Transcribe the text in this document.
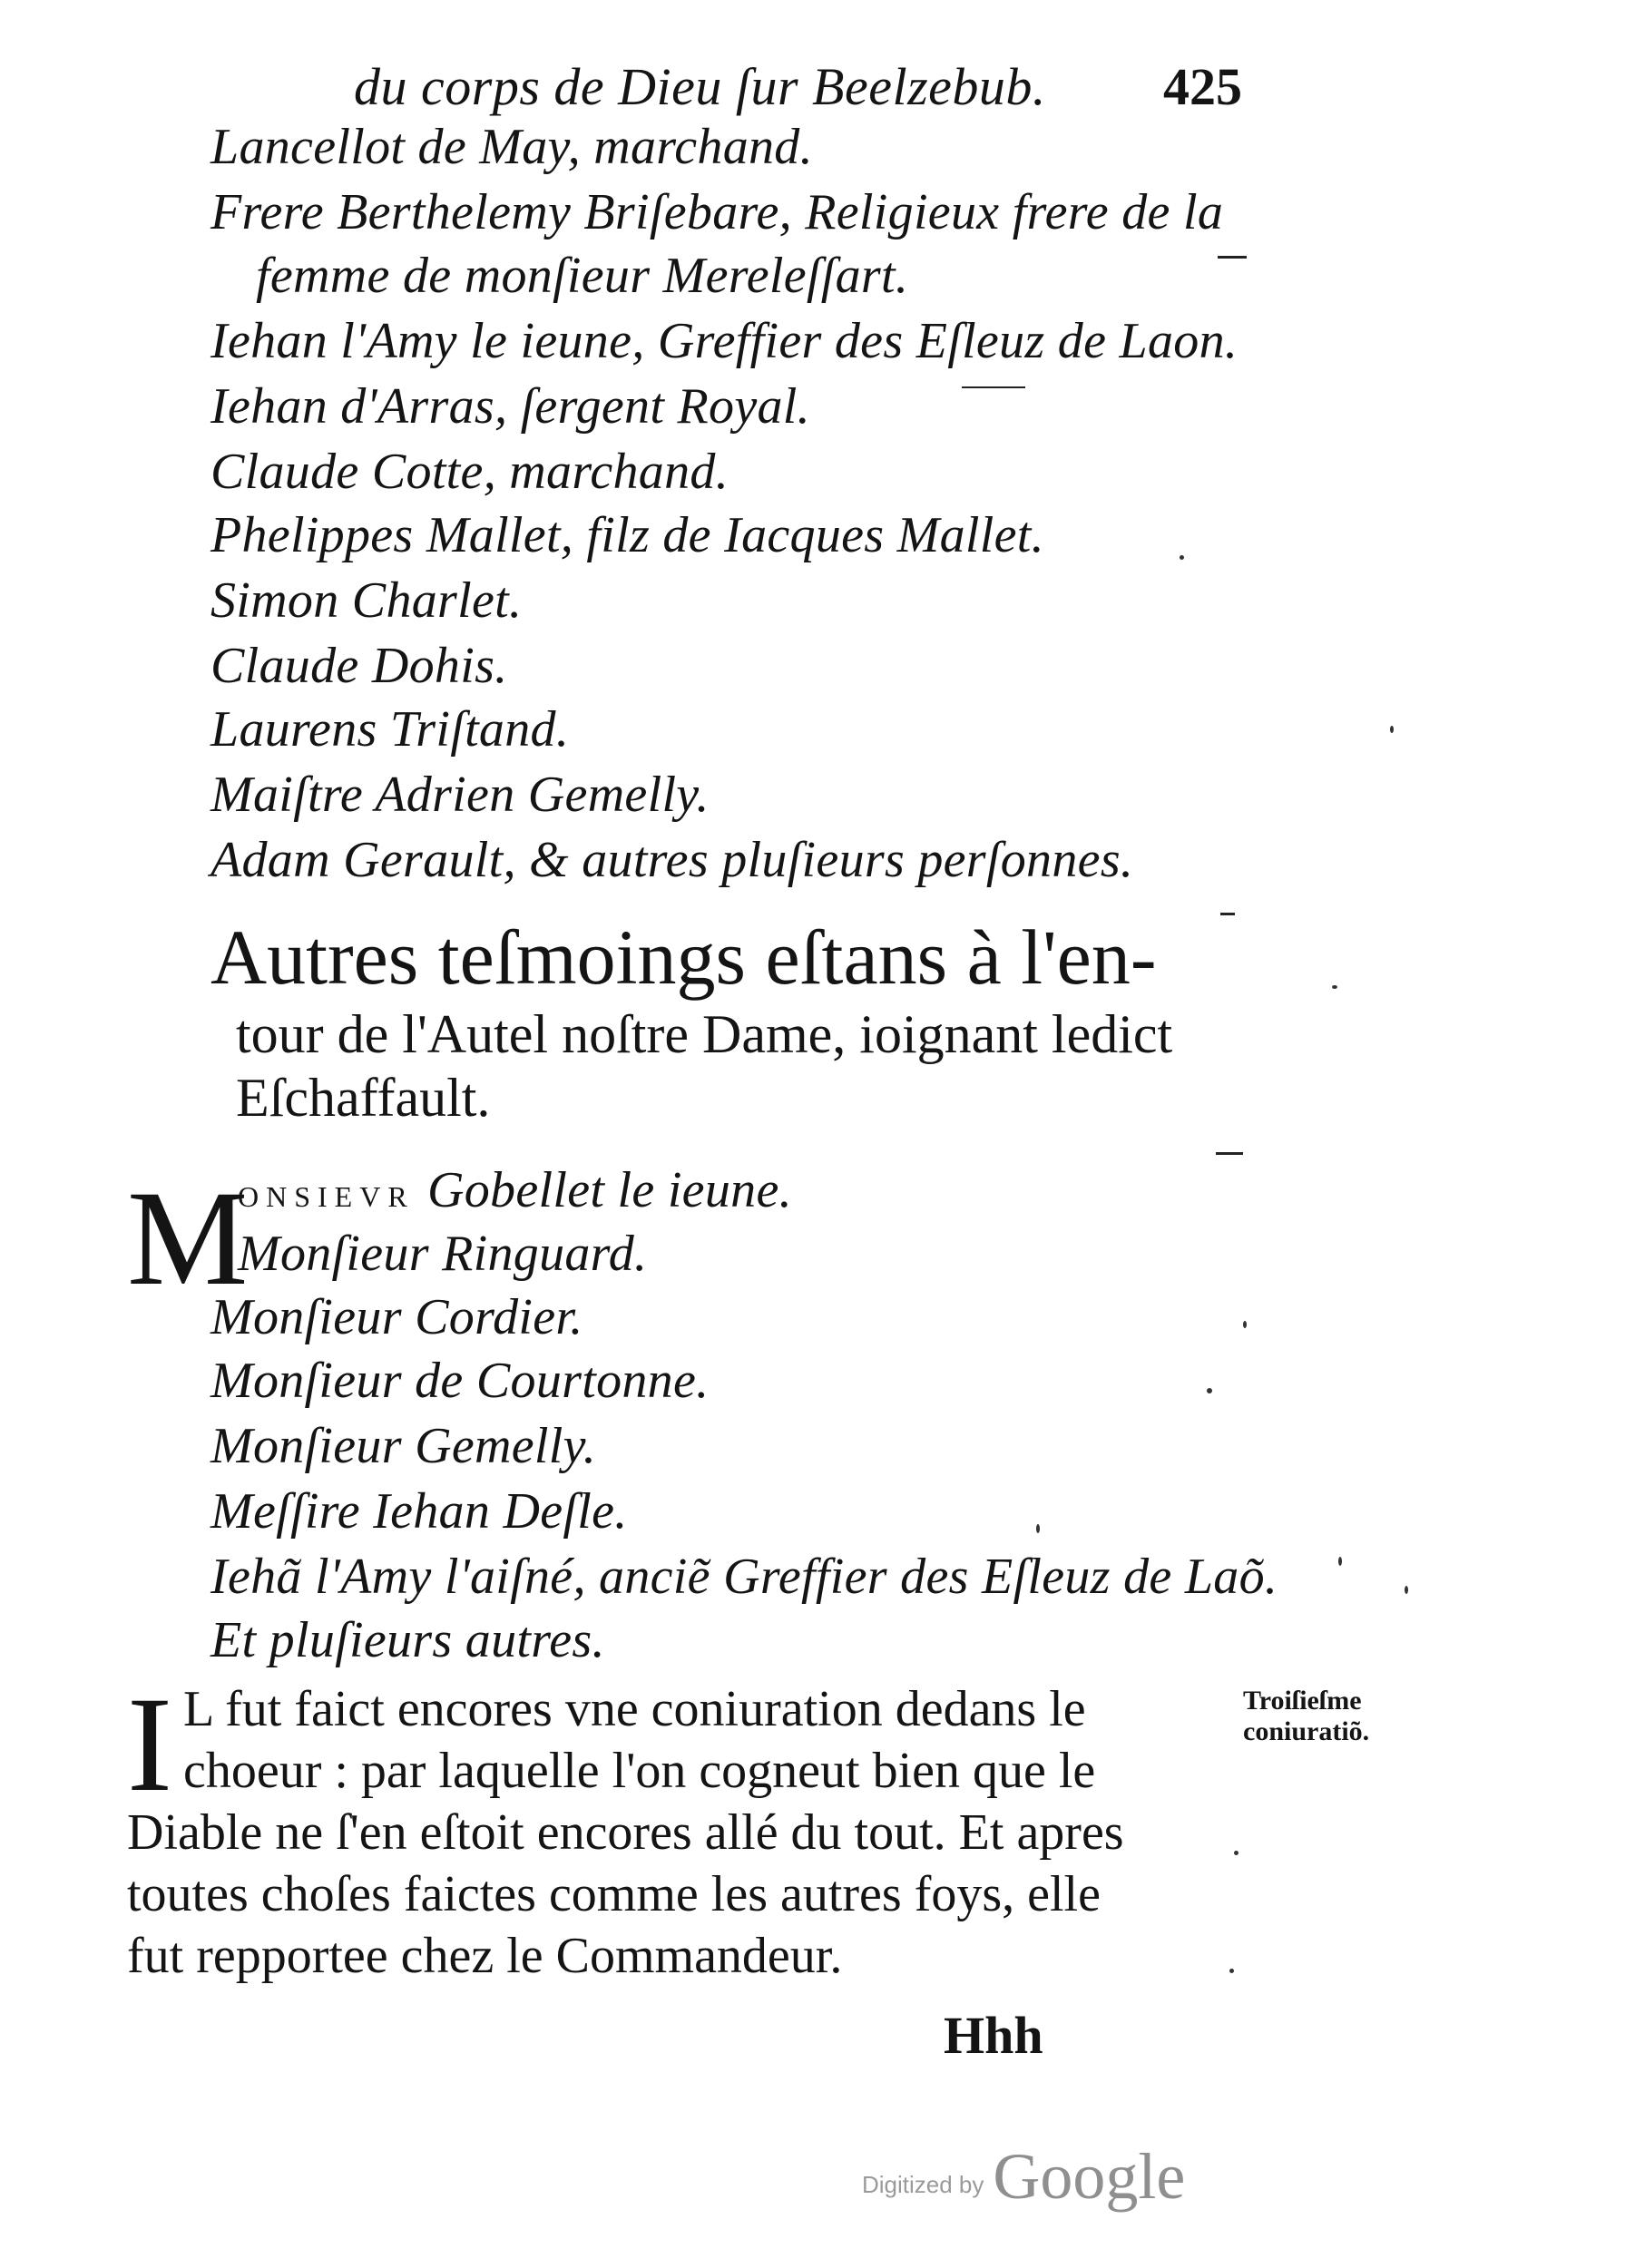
du corps de Dieu ſur Beelzebub. 425
Lancellot de May, marchand.
Frere Berthelemy Briſebare, Religieux frere de la
femme de monſieur Mereleſſart.
Iehan l'Amy le ieune, Greffier des Eſleuz de Laon.
Iehan d'Arras, ſergent Royal.
Claude Cotte, marchand.
Phelippes Mallet, filz de Iacques Mallet.
Simon Charlet.
Claude Dohis.
Laurens Triſtand.
Maiſtre Adrien Gemelly.
Adam Gerault, & autres pluſieurs perſonnes.
Autres teſmoings eſtans à l'en-
tour de l'Autel noſtre Dame, ioignant ledict Eſchaffault.
M
onsievr Gobellet le ieune.
Monſieur Ringuard.
Monſieur Cordier.
Monſieur de Courtonne.
Monſieur Gemelly.
Meſſire Iehan Deſle.
Iehã l'Amy l'aiſné, anciẽ Greffier des Eſleuz de Laõ.
Et pluſieurs autres.
I L fut faict encores vne coniuration dedans le
choeur : par laquelle l'on cogneut bien que le
Diable ne ſ'en eſtoit encores allé du tout. Et apres
toutes choſes faictes comme les autres foys, elle
fut repportee chez le Commandeur.
Troiſieſme
coniuratiõ.
Hhh
Digitized by Google
